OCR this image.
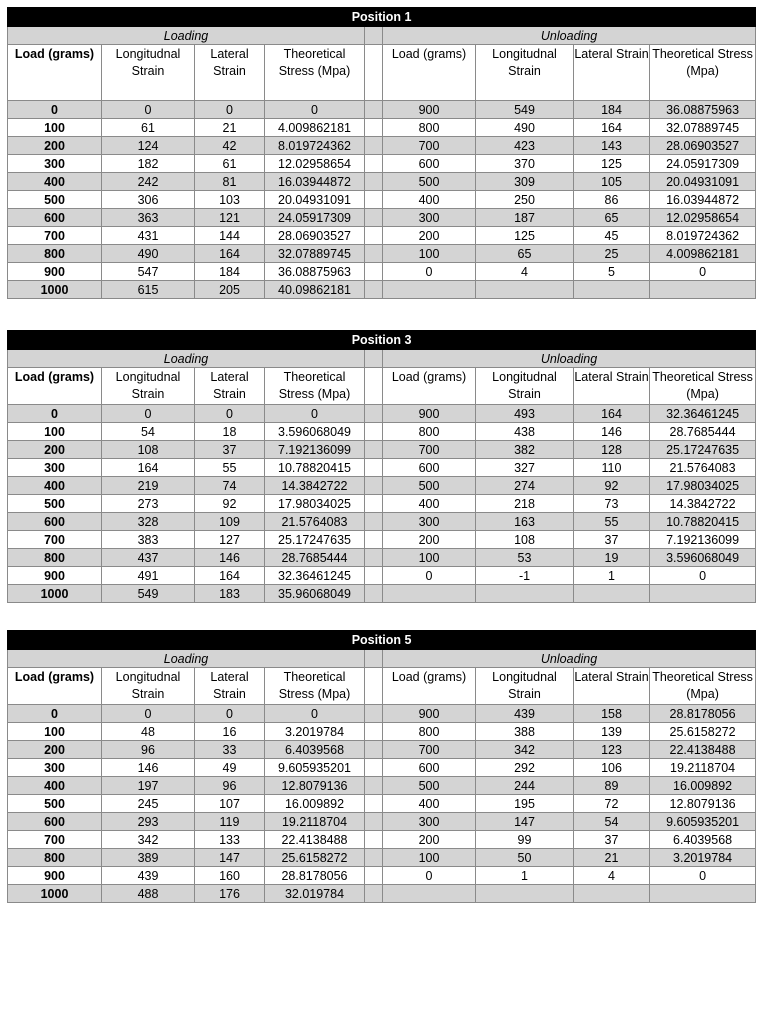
Position 1								
Loading					Unloading			
Load (grams)	Longitudnal Strain	Lateral Strain	Theoretical Stress (Mpa)		Load (grams)	Longitudnal Strain	Lateral Strain	Theoretical Stress (Mpa)
0	0	0	0		900	549	184	36.08875963
100	61	21	4.009862181		800	490	164	32.07889745
200	124	42	8.019724362		700	423	143	28.06903527
300	182	61	12.02958654		600	370	125	24.05917309
400	242	81	16.03944872		500	309	105	20.04931091
500	306	103	20.04931091		400	250	86	16.03944872
600	363	121	24.05917309		300	187	65	12.02958654
700	431	144	28.06903527		200	125	45	8.019724362
800	490	164	32.07889745		100	65	25	4.009862181
900	547	184	36.08875963		0	4	5	0
1000	615	205	40.09862181					
Position 3								
Loading					Unloading			
Load (grams)	Longitudnal Strain	Lateral Strain	Theoretical Stress (Mpa)		Load (grams)	Longitudnal Strain	Lateral Strain	Theoretical Stress (Mpa)
0	0	0	0		900	493	164	32.36461245
100	54	18	3.596068049		800	438	146	28.7685444
200	108	37	7.192136099		700	382	128	25.17247635
300	164	55	10.78820415		600	327	110	21.5764083
400	219	74	14.3842722		500	274	92	17.98034025
500	273	92	17.98034025		400	218	73	14.3842722
600	328	109	21.5764083		300	163	55	10.78820415
700	383	127	25.17247635		200	108	37	7.192136099
800	437	146	28.7685444		100	53	19	3.596068049
900	491	164	32.36461245		0	-1	1	0
1000	549	183	35.96068049					
Position 5								
Loading					Unloading			
Load (grams)	Longitudnal Strain	Lateral Strain	Theoretical Stress (Mpa)		Load (grams)	Longitudnal Strain	Lateral Strain	Theoretical Stress (Mpa)
0	0	0	0		900	439	158	28.8178056
100	48	16	3.2019784		800	388	139	25.6158272
200	96	33	6.4039568		700	342	123	22.4138488
300	146	49	9.605935201		600	292	106	19.2118704
400	197	96	12.8079136		500	244	89	16.009892
500	245	107	16.009892		400	195	72	12.8079136
600	293	119	19.2118704		300	147	54	9.605935201
700	342	133	22.4138488		200	99	37	6.4039568
800	389	147	25.6158272		100	50	21	3.2019784
900	439	160	28.8178056		0	1	4	0
1000	488	176	32.019784					
